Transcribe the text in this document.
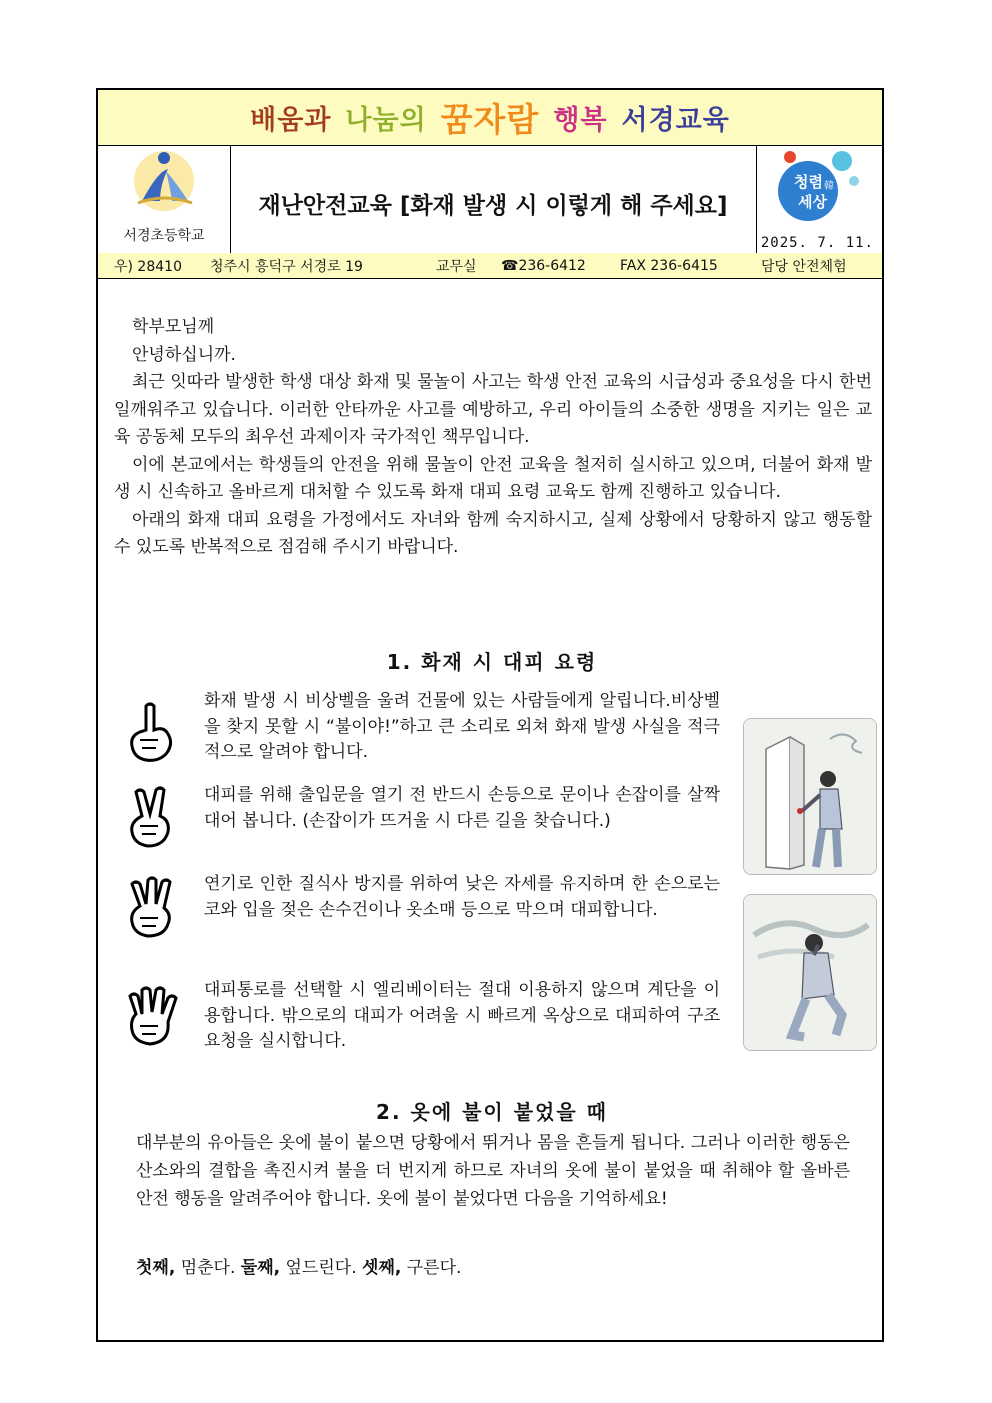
배움과 나눔의 꿈자람 행복 서경교육
서경초등학교
재난안전교육 [화재 발생 시 이렇게 해 주세요]
청렴 韓
세상
2025. 7. 11.
우) 28410 청주시 흥덕구 서경로 19	교무실 ☎236-6412 FAX 236-6415	담당 안전체험

학부모님께

안녕하십니까.

최근 잇따라 발생한 학생 대상 화재 및 물놀이 사고는 학생 안전 교육의 시급성과 중요성을 다시 한번 일깨워주고 있습니다. 이러한 안타까운 사고를 예방하고, 우리 아이들의 소중한 생명을 지키는 일은 교육 공동체 모두의 최우선 과제이자 국가적인 책무입니다.

이에 본교에서는 학생들의 안전을 위해 물놀이 안전 교육을 철저히 실시하고 있으며, 더불어 화재 발생 시 신속하고 올바르게 대처할 수 있도록 화재 대피 요령 교육도 함께 진행하고 있습니다.

아래의 화재 대피 요령을 가정에서도 자녀와 함께 숙지하시고, 실제 상황에서 당황하지 않고 행동할 수 있도록 반복적으로 점검해 주시기 바랍니다.

1. 화재 시 대피 요령
화재 발생 시 비상벨을 울려 건물에 있는 사람들에게 알립니다.비상벨을 찾지 못할 시 “불이야!”하고 큰 소리로 외쳐 화재 발생 사실을 적극적으로 알려야 합니다.
대피를 위해 출입문을 열기 전 반드시 손등으로 문이나 손잡이를 살짝 대어 봅니다. (손잡이가 뜨거울 시 다른 길을 찾습니다.)
연기로 인한 질식사 방지를 위하여 낮은 자세를 유지하며 한 손으로는 코와 입을 젖은 손수건이나 옷소매 등으로 막으며 대피합니다.
대피통로를 선택할 시 엘리베이터는 절대 이용하지 않으며 계단을 이용합니다. 밖으로의 대피가 어려울 시 빠르게 옥상으로 대피하여 구조 요청을 실시합니다.
2. 옷에 불이 붙었을 때
대부분의 유아들은 옷에 불이 붙으면 당황에서 뛰거나 몸을 흔들게 됩니다. 그러나 이러한 행동은 산소와의 결합을 촉진시켜 불을 더 번지게 하므로 자녀의 옷에 불이 붙었을 때 취해야 할 올바른 안전 행동을 알려주어야 합니다. 옷에 불이 붙었다면 다음을 기억하세요!
첫째, 멈춘다. 둘째, 엎드린다. 셋째, 구른다.
